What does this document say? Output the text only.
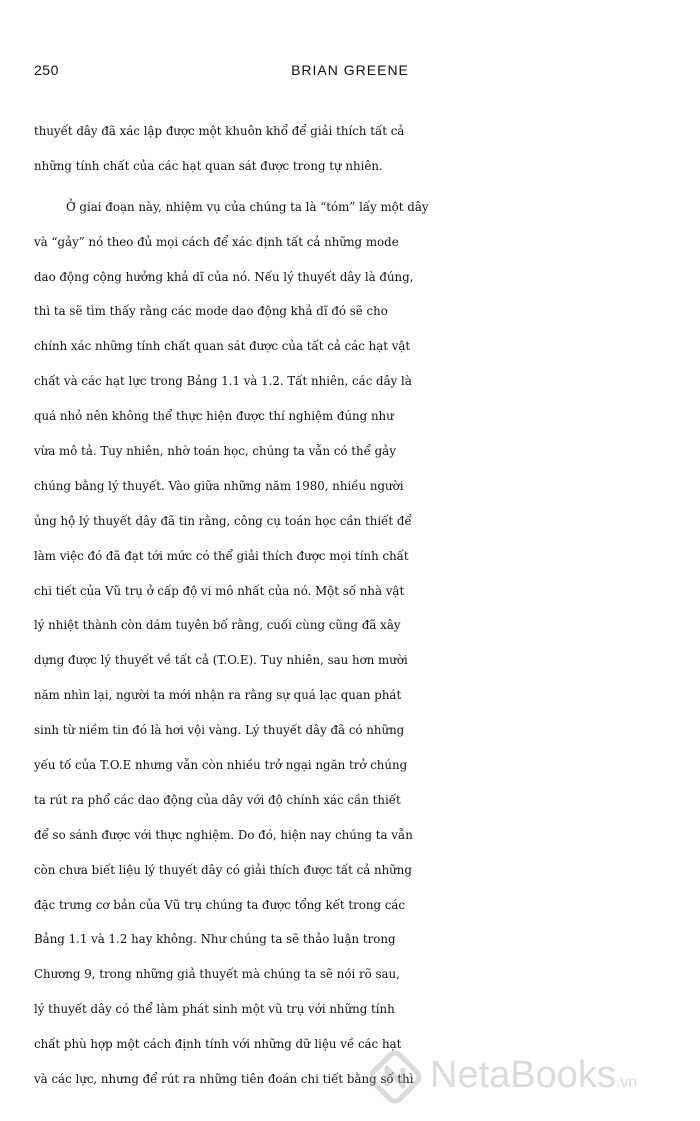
250	BRIAN GREENE
thuyết dây đã xác lập được một khuôn khổ để giải thích tất cả
những tính chất của các hạt quan sát được trong tự nhiên.
Ở giai đoạn này, nhiệm vụ của chúng ta là “tóm” lấy một dây
và “gảy” nó theo đủ mọi cách để xác định tất cả những mode
dao động cộng hưởng khả dĩ của nó. Nếu lý thuyết dây là đúng,
thì ta sẽ tìm thấy rằng các mode dao động khả dĩ đó sẽ cho
chính xác những tính chất quan sát được của tất cả các hạt vật
chất và các hạt lực trong Bảng 1.1 và 1.2. Tất nhiên, các dây là
quá nhỏ nên không thể thực hiện được thí nghiệm đúng như
vừa mô tả. Tuy nhiên, nhờ toán học, chúng ta vẫn có thể gảy
chúng bằng lý thuyết. Vào giữa những năm 1980, nhiều người
ủng hộ lý thuyết dây đã tin rằng, công cụ toán học cần thiết để
làm việc đó đã đạt tới mức có thể giải thích được mọi tính chất
chi tiết của Vũ trụ ở cấp độ vi mô nhất của nó. Một số nhà vật
lý nhiệt thành còn dám tuyên bố rằng, cuối cùng cũng đã xây
dựng được lý thuyết về tất cả (T.O.E). Tuy nhiên, sau hơn mười
năm nhìn lại, người ta mới nhận ra rằng sự quá lạc quan phát
sinh từ niềm tin đó là hơi vội vàng. Lý thuyết dây đã có những
yếu tố của T.O.E nhưng vẫn còn nhiều trở ngại ngăn trở chúng
ta rút ra phổ các dao động của dây với độ chính xác cần thiết
để so sánh được với thực nghiệm. Do đó, hiện nay chúng ta vẫn
còn chưa biết liệu lý thuyết dây có giải thích được tất cả những
đặc trưng cơ bản của Vũ trụ chúng ta được tổng kết trong các
Bảng 1.1 và 1.2 hay không. Như chúng ta sẽ thảo luận trong
Chương 9, trong những giả thuyết mà chúng ta sẽ nói rõ sau,
lý thuyết dây có thể làm phát sinh một vũ trụ với những tính
chất phù hợp một cách định tính với những dữ liệu về các hạt
và các lực, nhưng để rút ra những tiên đoán chi tiết bằng số thì NetaBooks.vn
